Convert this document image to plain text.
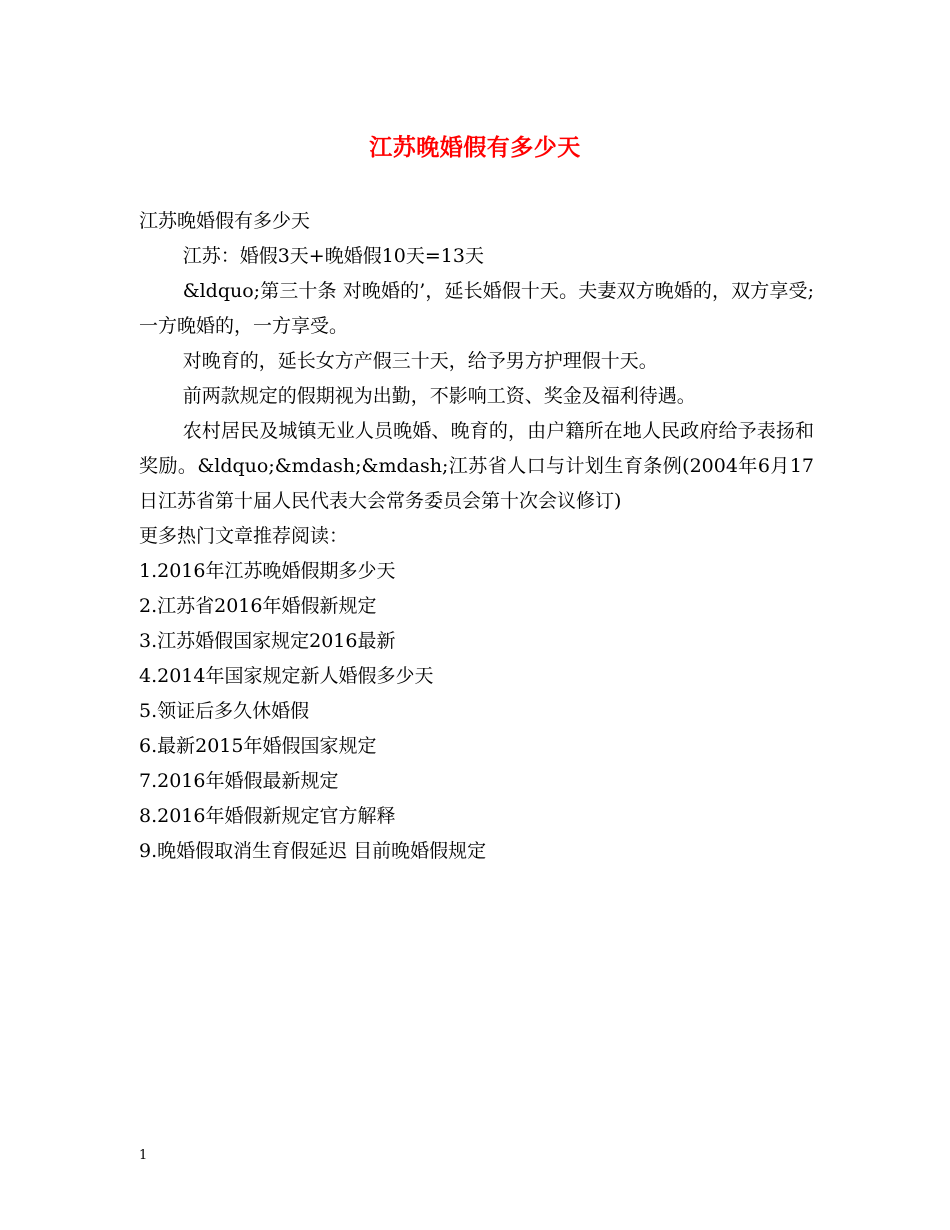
江苏晚婚假有多少天

江苏晚婚假有多少天

江苏：婚假3天+晚婚假10天=13天

&ldquo;第三十条 对晚婚的’，延长婚假十天。夫妻双方晚婚的，双方享受;一方晚婚的，一方享受。

对晚育的，延长女方产假三十天，给予男方护理假十天。

前两款规定的假期视为出勤，不影响工资、奖金及福利待遇。

农村居民及城镇无业人员晚婚、晚育的，由户籍所在地人民政府给予表扬和奖励。&ldquo;&mdash;&mdash;江苏省人口与计划生育条例(2004年6月17日江苏省第十届人民代表大会常务委员会第十次会议修订)

更多热门文章推荐阅读：

1.2016年江苏晚婚假期多少天

2.江苏省2016年婚假新规定

3.江苏婚假国家规定2016最新

4.2014年国家规定新人婚假多少天

5.领证后多久休婚假

6.最新2015年婚假国家规定

7.2016年婚假最新规定

8.2016年婚假新规定官方解释

9.晚婚假取消生育假延迟 目前晚婚假规定

1
